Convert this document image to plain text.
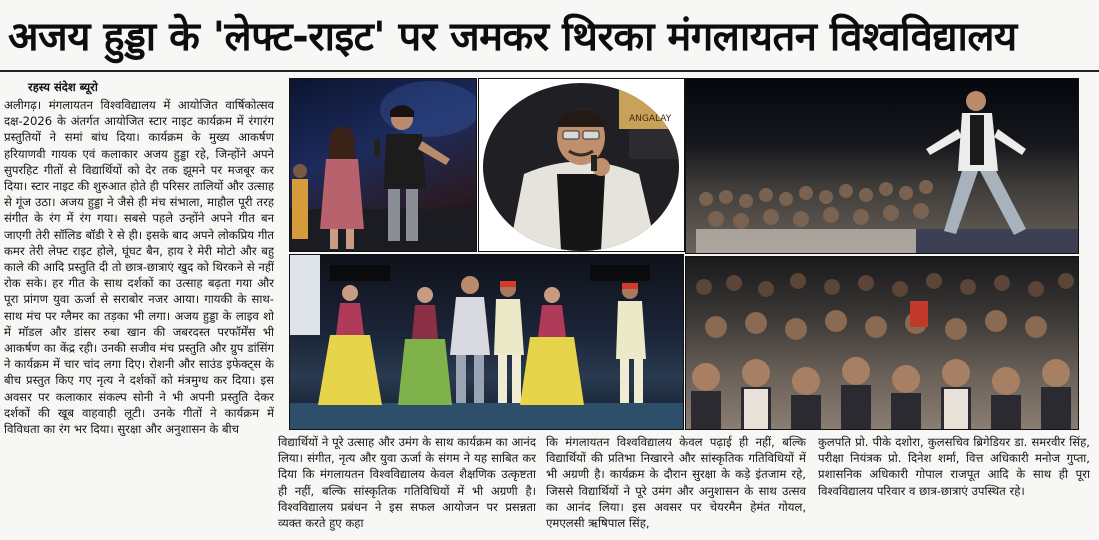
अजय हुड्डा के 'लेफ्ट-राइट' पर जमकर थिरका मंगलायतन विश्वविद्यालय
रहस्य संदेश ब्यूरो
अलीगढ़। मंगलायतन विश्वविद्यालय में आयोजित वार्षिकोत्सव दक्ष-2026 के अंतर्गत आयोजित स्टार नाइट कार्यक्रम में रंगारंग प्रस्तुतियों ने समां बांध दिया। कार्यक्रम के मुख्य आकर्षण हरियाणवी गायक एवं कलाकार अजय हुड्डा रहे, जिन्होंने अपने सुपरहिट गीतों से विद्यार्थियों को देर तक झूमने पर मजबूर कर दिया। स्टार नाइट की शुरुआत होते ही परिसर तालियों और उत्साह से गूंज उठा। अजय हुड्डा ने जैसे ही मंच संभाला, माहौल पूरी तरह संगीत के रंग में रंग गया। सबसे पहले उन्होंने अपने गीत बन जाएगी तेरी सॉलिड बॉडी रे से ही। इसके बाद अपने लोकप्रिय गीत कमर तेरी लेफ्ट राइट होले, घूंघट बैन, हाय रे मेरी मोटो और बहु काले की आदि प्रस्तुति दी तो छात्र-छात्राएं खुद को थिरकने से नहीं रोक सके। हर गीत के साथ दर्शकों का उत्साह बढ़ता गया और पूरा प्रांगण युवा ऊर्जा से सराबोर नजर आया। गायकी के साथ-साथ मंच पर ग्लैमर का तड़का भी लगा। अजय हुड्डा के लाइव शो में मॉडल और डांसर रुबा खान की जबरदस्त परफॉर्मेंस भी आकर्षण का केंद्र रही। उनकी सजीव मंच प्रस्तुति और ग्रुप डांसिंग ने कार्यक्रम में चार चांद लगा दिए। रोशनी और साउंड इफेक्ट्स के बीच प्रस्तुत किए गए नृत्य ने दर्शकों को मंत्रमुग्ध कर दिया। इस अवसर पर कलाकार संकल्प सोनी ने भी अपनी प्रस्तुति देकर दर्शकों की खूब वाहवाही लूटी। उनके गीतों ने कार्यक्रम में विविधता का रंग भर दिया। सुरक्षा और अनुशासन के बीच
ANGALAY
विद्यार्थियों ने पूरे उत्साह और उमंग के साथ कार्यक्रम का आनंद लिया। संगीत, नृत्य और युवा ऊर्जा के संगम ने यह साबित कर दिया कि मंगलायतन विश्वविद्यालय केवल शैक्षणिक उत्कृष्टता ही नहीं, बल्कि सांस्कृतिक गतिविधियों में भी अग्रणी है। विश्वविद्यालय प्रबंधन ने इस सफल आयोजन पर प्रसन्नता व्यक्त करते हुए कहा
कि मंगलायतन विश्वविद्यालय केवल पढ़ाई ही नहीं, बल्कि विद्यार्थियों की प्रतिभा निखारने और सांस्कृतिक गतिविधियों में भी अग्रणी है। कार्यक्रम के दौरान सुरक्षा के कड़े इंतजाम रहे, जिससे विद्यार्थियों ने पूरे उमंग और अनुशासन के साथ उत्सव का आनंद लिया। इस अवसर पर चेयरमैन हेमंत गोयल, एमएलसी ऋषिपाल सिंह,
कुलपति प्रो. पीके दशोरा, कुलसचिव ब्रिगेडियर डा. समरवीर सिंह, परीक्षा नियंत्रक प्रो. दिनेश शर्मा, वित्त अधिकारी मनोज गुप्ता, प्रशासनिक अधिकारी गोपाल राजपूत आदि के साथ ही पूरा विश्वविद्यालय परिवार व छात्र-छात्राएं उपस्थित रहे।
